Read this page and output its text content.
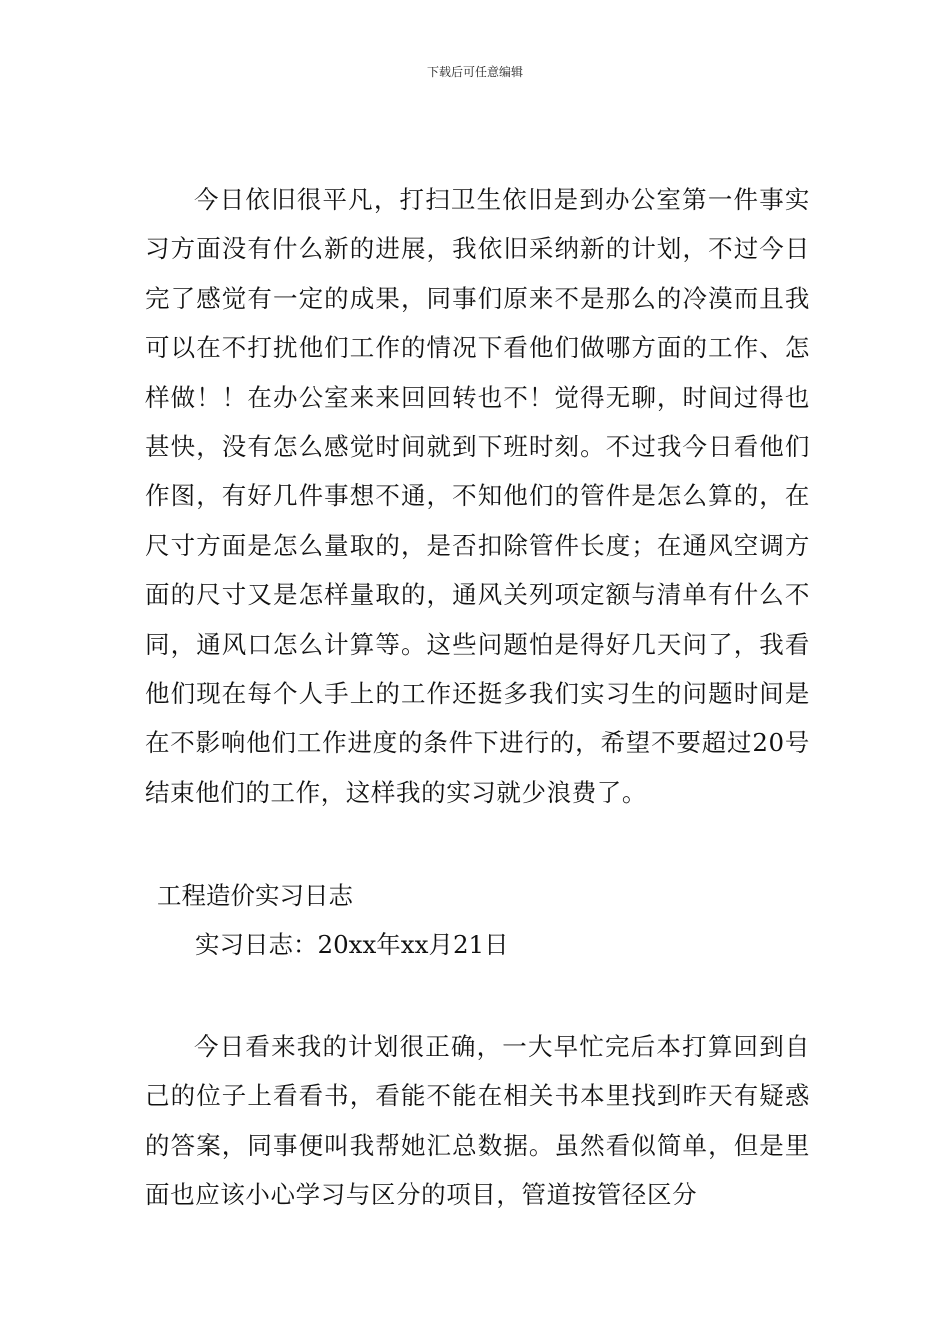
下载后可任意编辑

今日依旧很平凡，打扫卫生依旧是到办公室第一件事实习方面没有什么新的进展，我依旧采纳新的计划，不过今日完了感觉有一定的成果，同事们原来不是那么的冷漠而且我可以在不打扰他们工作的情况下看他们做哪方面的工作、怎样做！！在办公室来来回回转也不！觉得无聊，时间过得也甚快，没有怎么感觉时间就到下班时刻。不过我今日看他们作图，有好几件事想不通，不知他们的管件是怎么算的，在尺寸方面是怎么量取的，是否扣除管件长度；在通风空调方面的尺寸又是怎样量取的，通风关列项定额与清单有什么不同，通风口怎么计算等。这些问题怕是得好几天问了，我看他们现在每个人手上的工作还挺多我们实习生的问题时间是在不影响他们工作进度的条件下进行的，希望不要超过20号结束他们的工作，这样我的实习就少浪费了。

工程造价实习日志

实习日志：20xx年xx月21日

今日看来我的计划很正确，一大早忙完后本打算回到自己的位子上看看书，看能不能在相关书本里找到昨天有疑惑的答案，同事便叫我帮她汇总数据。虽然看似简单，但是里面也应该小心学习与区分的项目，管道按管径区分
